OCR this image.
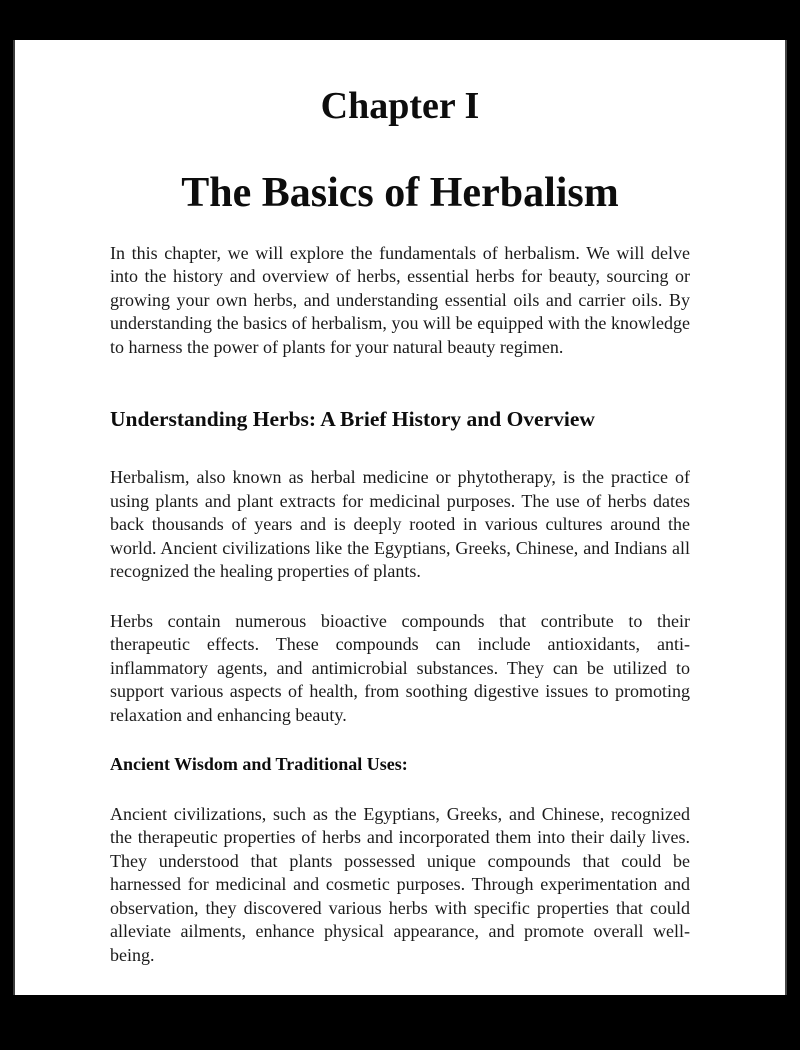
Chapter I
The Basics of Herbalism

In this chapter, we will explore the fundamentals of herbalism. We will delve into the history and overview of herbs, essential herbs for beauty, sourcing or growing your own herbs, and understanding essential oils and carrier oils. By understanding the basics of herbalism, you will be equipped with the knowledge to harness the power of plants for your natural beauty regimen.

Understanding Herbs: A Brief History and Overview

Herbalism, also known as herbal medicine or phytotherapy, is the practice of using plants and plant extracts for medicinal purposes. The use of herbs dates back thousands of years and is deeply rooted in various cultures around the world. Ancient civilizations like the Egyptians, Greeks, Chinese, and Indians all recognized the healing properties of plants.

Herbs contain numerous bioactive compounds that contribute to their therapeutic effects. These compounds can include antioxidants, anti-inflammatory agents, and antimicrobial substances. They can be utilized to support various aspects of health, from soothing digestive issues to promoting relaxation and enhancing beauty.

Ancient Wisdom and Traditional Uses:

Ancient civilizations, such as the Egyptians, Greeks, and Chinese, recognized the therapeutic properties of herbs and incorporated them into their daily lives. They understood that plants possessed unique compounds that could be harnessed for medicinal and cosmetic purposes. Through experimentation and observation, they discovered various herbs with specific properties that could alleviate ailments, enhance physical appearance, and promote overall well-being.
